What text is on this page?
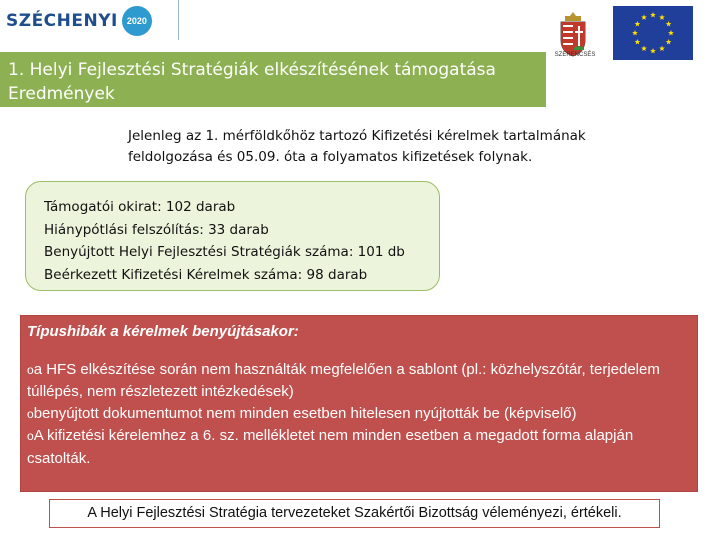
SZÉCHENYI 2020
SZERENCSÉS
1. Helyi Fejlesztési Stratégiák elkészítésének támogatása
Eredmények
Jelenleg az 1. mérföldkőhöz tartozó Kifizetési kérelmek tartalmának
feldolgozása és 05.09. óta a folyamatos kifizetések folynak.
Támogatói okirat: 102 darab
Hiánypótlási felszólítás: 33 darab
Benyújtott Helyi Fejlesztési Stratégiák száma: 101 db
Beérkezett Kifizetési Kérelmek száma: 98 darab
Típushibák a kérelmek benyújtásakor:
oa HFS elkészítése során nem használták megfelelően a sablont (pl.: közhelyszótár, terjedelem túllépés, nem részletezett intézkedések)
obenyújtott dokumentumot nem minden esetben hitelesen nyújtották be (képviselő)
oA kifizetési kérelemhez a 6. sz. mellékletet nem minden esetben a megadott forma alapján csatolták.
A Helyi Fejlesztési Stratégia tervezeteket Szakértői Bizottság véleményezi, értékeli.
